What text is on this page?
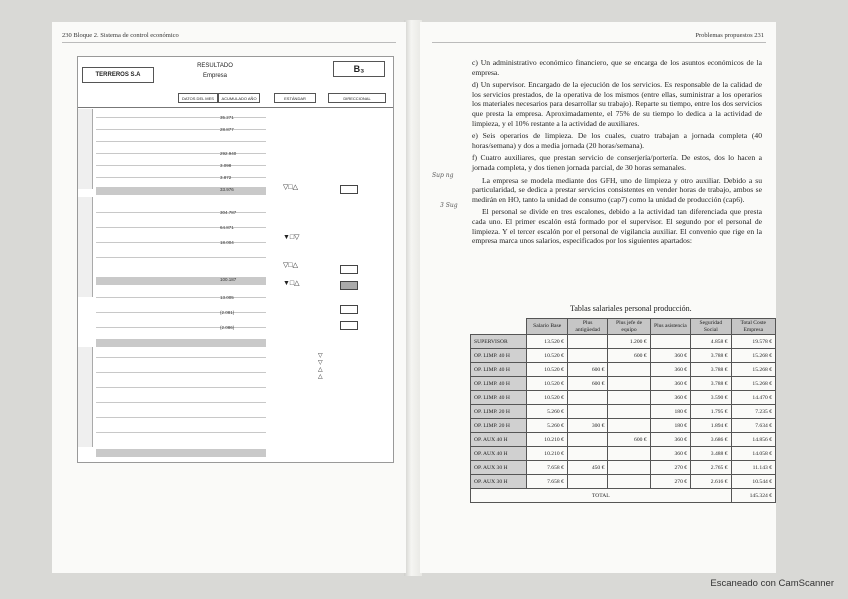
230 Bloque 2. Sistema de control económico
TERREROS S.A
RESULTADO
Empresa
B₃
DATOS DEL MES	ACUMULADO AÑO	ESTÁNDAR	DIRECCIONAL
35.271
28.877
292.940
3.098
3.872
33.976
304.787
64.871
18.004
100.187
13.005
(2.081)
(2.086)
▽□△
▼□▽
▽□△
▼□△
▽
▽
△
△
Problemas propuestos 231

c) Un administrativo económico financiero, que se encarga de los asuntos económicos de la empresa.

d) Un supervisor. Encargado de la ejecución de los servicios. Es responsable de la calidad de los servicios prestados, de la operativa de los mismos (entre ellas, suministrar a los operarios los materiales necesarios para desarrollar su trabajo). Reparte su tiempo, entre los dos servicios que presta la empresa. Aproximadamente, el 75% de su tiempo lo dedica a la actividad de limpieza, y el 10% restante a la actividad de auxiliares.

e) Seis operarios de limpieza. De los cuales, cuatro trabajan a jornada completa (40 horas/semana) y dos a media jornada (20 horas/semana).

f) Cuatro auxiliares, que prestan servicio de conserjería/portería. De estos, dos lo hacen a jornada completa, y dos tienen jornada parcial, de 30 horas semanales.

La empresa se modela mediante dos GFH, uno de limpieza y otro auxiliar. Debido a su particularidad, se dedica a prestar servicios consistentes en vender horas de trabajo, ambos se medirán en HO, tanto la unidad de consumo (cap7) como la unidad de producción (cap6).

El personal se divide en tres escalones, debido a la actividad tan diferenciada que presta cada uno. El primer escalón está formado por el supervisor. El segundo por el personal de limpieza. Y el tercer escalón por el personal de vigilancia auxiliar. El convenio que rige en la empresa marca unos salarios, especificados por los siguientes apartados:

Sup ng
3 Sug
Tablas salariales personal producción.
	Salario Base	Plus antigüedad	Plus jefe de equipo	Plus asistencia	Seguridad Social	Total Coste Empresa
SUPERVISOR	13.520 €		1.200 €		4.858 €	19.578 €
OP. LIMP. 40 H	10.520 €		600 €	360 €	3.788 €	15.268 €
OP. LIMP. 40 H	10.520 €	600 €		360 €	3.788 €	15.268 €
OP. LIMP. 40 H	10.520 €	600 €		360 €	3.788 €	15.268 €
OP. LIMP. 40 H	10.520 €			360 €	3.590 €	14.470 €
OP. LIMP. 20 H	5.260 €			180 €	1.795 €	7.235 €
OP. LIMP. 20 H	5.260 €	300 €		180 €	1.894 €	7.634 €
OP. AUX 40 H	10.210 €		600 €	360 €	3.686 €	14.856 €
OP. AUX 40 H	10.210 €			360 €	3.488 €	14.058 €
OP. AUX 30 H	7.658 €	450 €		270 €	2.765 €	11.143 €
OP. AUX 30 H	7.658 €			270 €	2.616 €	10.544 €
TOTAL						145.324 €
Escaneado con CamScanner
